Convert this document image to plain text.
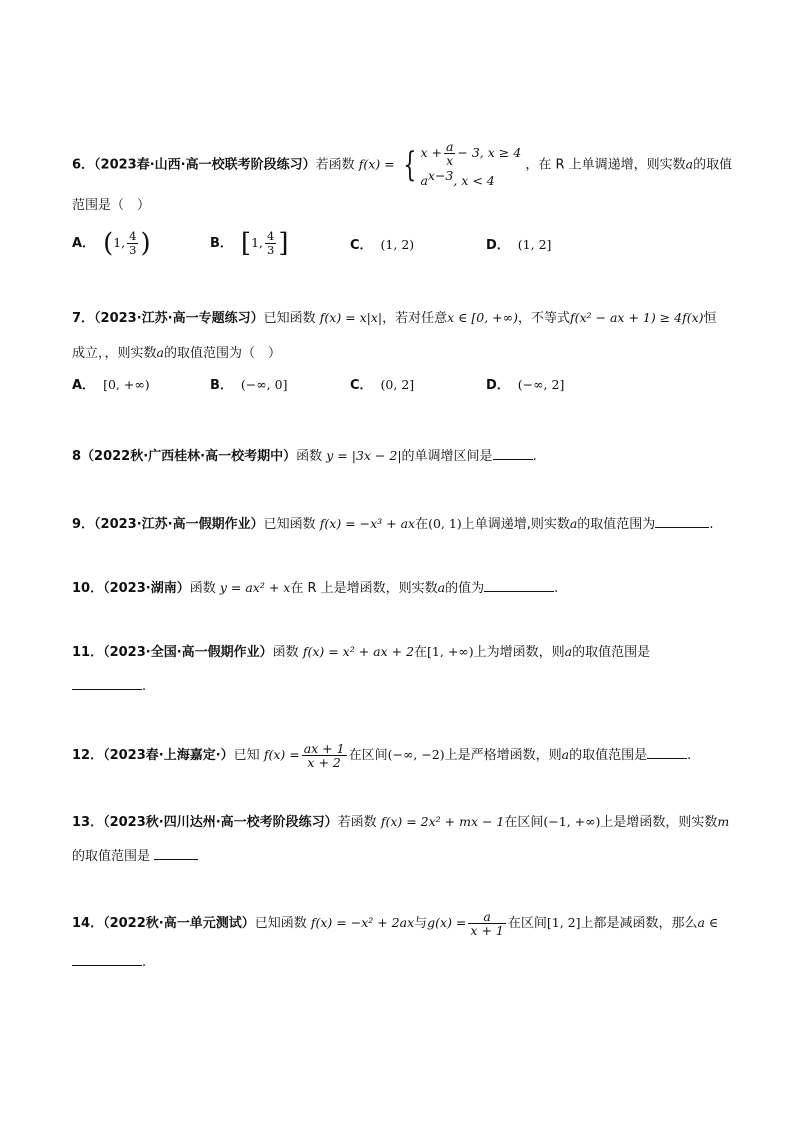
6．（2023春·山西·高一校联考阶段练习）若函数 f(x) = { $x + \frac{a}{x} - 3$, x ≥ 4
$a^{x-3}$, x < 4
，在 R 上单调递增，则实数a的取值
范围是（　）
A． (1, $\frac{4}{3}$ )	B． [1, $\frac{4}{3}$ ]	C． (1, 2)	D． (1, 2]
7．（2023·江苏·高一专题练习）已知函数 f(x) = x|x|，若对任意x ∈ [0, +∞)，不等式f(x² − ax + 1) ≥ 4f(x)恒
成立，，则实数a的取值范围为（　）
A． [0, +∞)	B． (−∞, 0]	C． (0, 2]	D． (−∞, 2]
8（2022秋·广西桂林·高一校考期中）函数 y = |3x − 2|的单调增区间是	.
9．（2023·江苏·高一假期作业）已知函数 f(x) = −x³ + ax在(0, 1)上单调递增,则实数a的取值范围为	.
10．（2023·湖南）函数 y = ax² + x在 R 上是增函数，则实数a的值为	.
11．（2023·全国·高一假期作业）函数 f(x) = x² + ax + 2在[1, +∞)上为增函数，则a的取值范围是
.
12．（2023春·上海嘉定·）已知 $f(x) = \frac{ax + 1}{x + 2}$ 在区间(−∞, −2)上是严格增函数，则a的取值范围是	.
13．（2023秋·四川达州·高一校考阶段练习）若函数 f(x) = 2x² + mx − 1在区间(−1, +∞)上是增函数，则实数m
的取值范围是
14．（2022秋·高一单元测试）已知函数 f(x) = −x² + 2ax与$g(x) = \frac{a}{x + 1}$ 在区间[1, 2]上都是减函数，那么a ∈
.
